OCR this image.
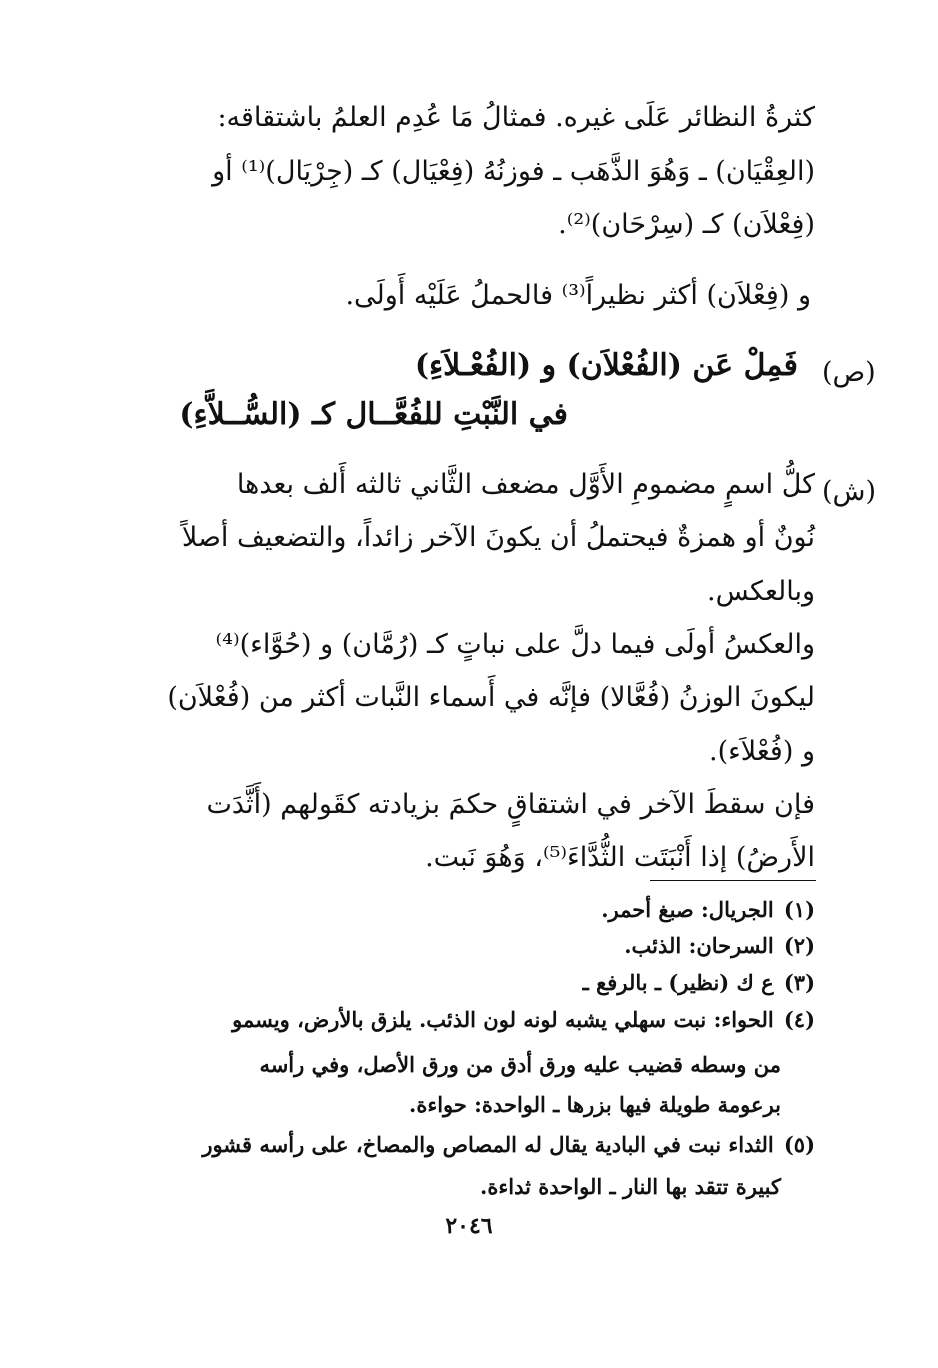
كثرةُ النظائر عَلَى غيره. فمثالُ مَا عُدِم العلمُ باشتقاقه:
(العِقْيَان) ـ وَهُوَ الذَّهَب ـ فوزنُهُ (فِعْيَال) كـ (جِرْيَال)⁽¹⁾ أو
(فِعْلاَن) كـ (سِرْحَان)⁽²⁾.
و (فِعْلاَن) أكثر نظيراً⁽³⁾ فالحملُ عَلَيْه أَولَى.
(ص)
فَمِلْ عَن (الفُعْلاَن) و (الفُعْـلاَءِ)
في النَّبْتِ للفُعَّــال كـ (السُّــلاَّءِ)
(ش)
كلُّ اسمٍ مضمومِ الأَوَّل مضعف الثَّاني ثالثه أَلف بعدها
نُونٌ أو همزةٌ فيحتملُ أن يكونَ الآخر زائداً، والتضعيف أصلاً
وبالعكس.
والعكسُ أولَى فيما دلَّ على نباتٍ كـ (رُمَّان) و (حُوَّاء)⁽⁴⁾
ليكونَ الوزنُ (فُعَّالا) فإنَّه في أَسماء النَّبات أكثر من (فُعْلاَن)
و (فُعْلاَء).
فإن سقطَ الآخر في اشتقاقٍ حكمَ بزيادته كقَولهم (أَثَّدَت
الأَرضُ) إذا أَنْبَتَت الثُّدَّاءَ⁽⁵⁾، وَهُوَ نَبت.
(١) الجريال: صبغ أحمر.
(٢) السرحان: الذئب.
(٣) ع ك (نظير) ـ بالرفع ـ
(٤) الحواء: نبت سهلي يشبه لونه لون الذئب. يلزق بالأرض، ويسمو
من وسطه قضيب عليه ورق أدق من ورق الأصل، وفي رأسه
برعومة طويلة فيها بزرها ـ الواحدة: حواءة.
(٥) الثداء نبت في البادية يقال له المصاص والمصاخ، على رأسه قشور
كبيرة تتقد بها النار ـ الواحدة ثداءة.
٢٠٤٦
